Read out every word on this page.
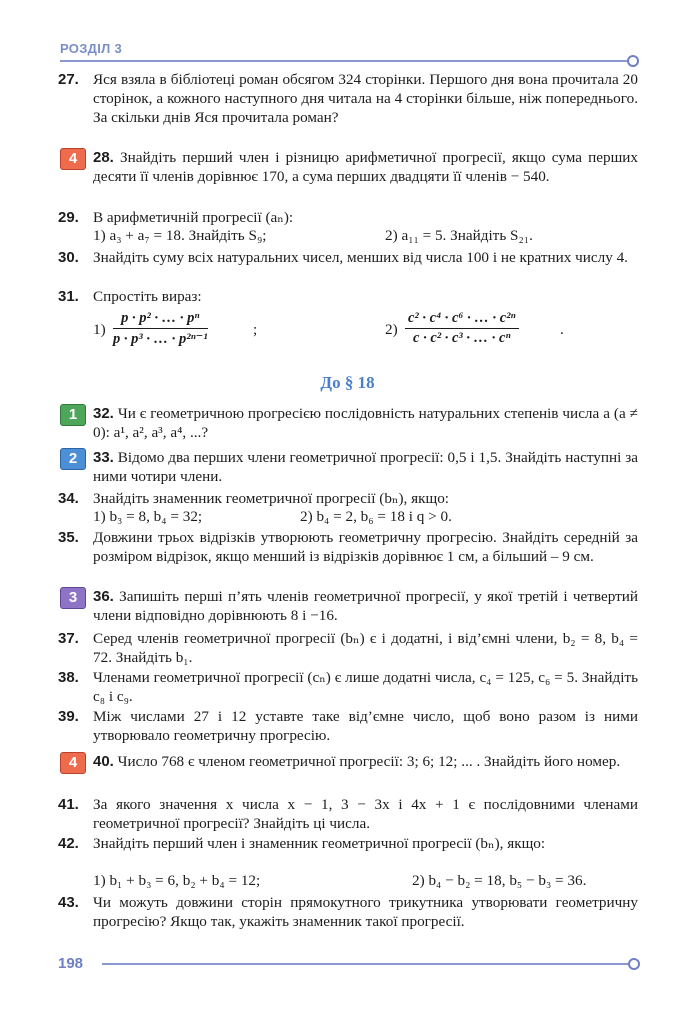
РОЗДІЛ 3
27. Яся взяла в бібліотеці роман обсягом 324 сторінки. Першого дня вона прочитала 20 сторінок, а кожного наступного дня читала на 4 сторінки більше, ніж попереднього. За скільки днів Яся прочитала роман?
4	28. Знайдіть перший член і різницю арифметичної прогресії, якщо сума перших десяти її членів дорівнює 170, а сума перших двадцяти її членів − 540.
29. В арифметичній прогресії (aₙ):
1) a₃ + a₇ = 18. Знайдіть S₉;	2) a₁₁ = 5. Знайдіть S₂₁.
30. Знайдіть суму всіх натуральних чисел, менших від числа 100 і не кратних числу 4.
31. Спростіть вираз:
$1) \frac{\text{p · p² · … · pⁿ}}{\text{p · p³ · … · p²ⁿ⁻¹}}$	;	$2) \frac{\text{c² · c⁴ · c⁶ · … · c²ⁿ}}{\text{c · c² · c³ · … · cⁿ}}$	.
До § 18
1	32. Чи є геометричною прогресією послідовність натуральних степенів числа a (a ≠ 0): a¹, a², a³, a⁴, ...?
2	33. Відомо два перших члени геометричної прогресії: 0,5 і 1,5. Знайдіть наступні за ними чотири члени.
34. Знайдіть знаменник геометричної прогресії (bₙ), якщо:
1) b₃ = 8, b₄ = 32;	2) b₄ = 2, b₆ = 18 і q > 0.
35. Довжини трьох відрізків утворюють геометричну прогресію. Знайдіть середній за розміром відрізок, якщо менший із відрізків дорівнює 1 см, а більший – 9 см.
3	36. Запишіть перші п’ять членів геометричної прогресії, у якої третій і четвертий члени відповідно дорівнюють 8 і −16.
37. Серед членів геометричної прогресії (bₙ) є і додатні, і від’ємні члени, b₂ = 8, b₄ = 72. Знайдіть b₁.
38. Членами геометричної прогресії (cₙ) є лише додатні числа, c₄ = 125, c₆ = 5. Знайдіть c₈ і c₉.
39. Між числами 27 і 12 уставте таке від’ємне число, щоб воно разом із ними утворювало геометричну прогресію.
4	40. Число 768 є членом геометричної прогресії: 3; 6; 12; ... . Знайдіть його номер.
41. За якого значення x числа x − 1, 3 − 3x і 4x + 1 є послідовними членами геометричної прогресії? Знайдіть ці числа.
42. Знайдіть перший член і знаменник геометричної прогресії (bₙ), якщо:
1) b₁ + b₃ = 6, b₂ + b₄ = 12;	2) b₄ − b₂ = 18, b₅ − b₃ = 36.
43. Чи можуть довжини сторін прямокутного трикутника утворювати геометричну прогресію? Якщо так, укажіть знаменник такої прогресії.
198
